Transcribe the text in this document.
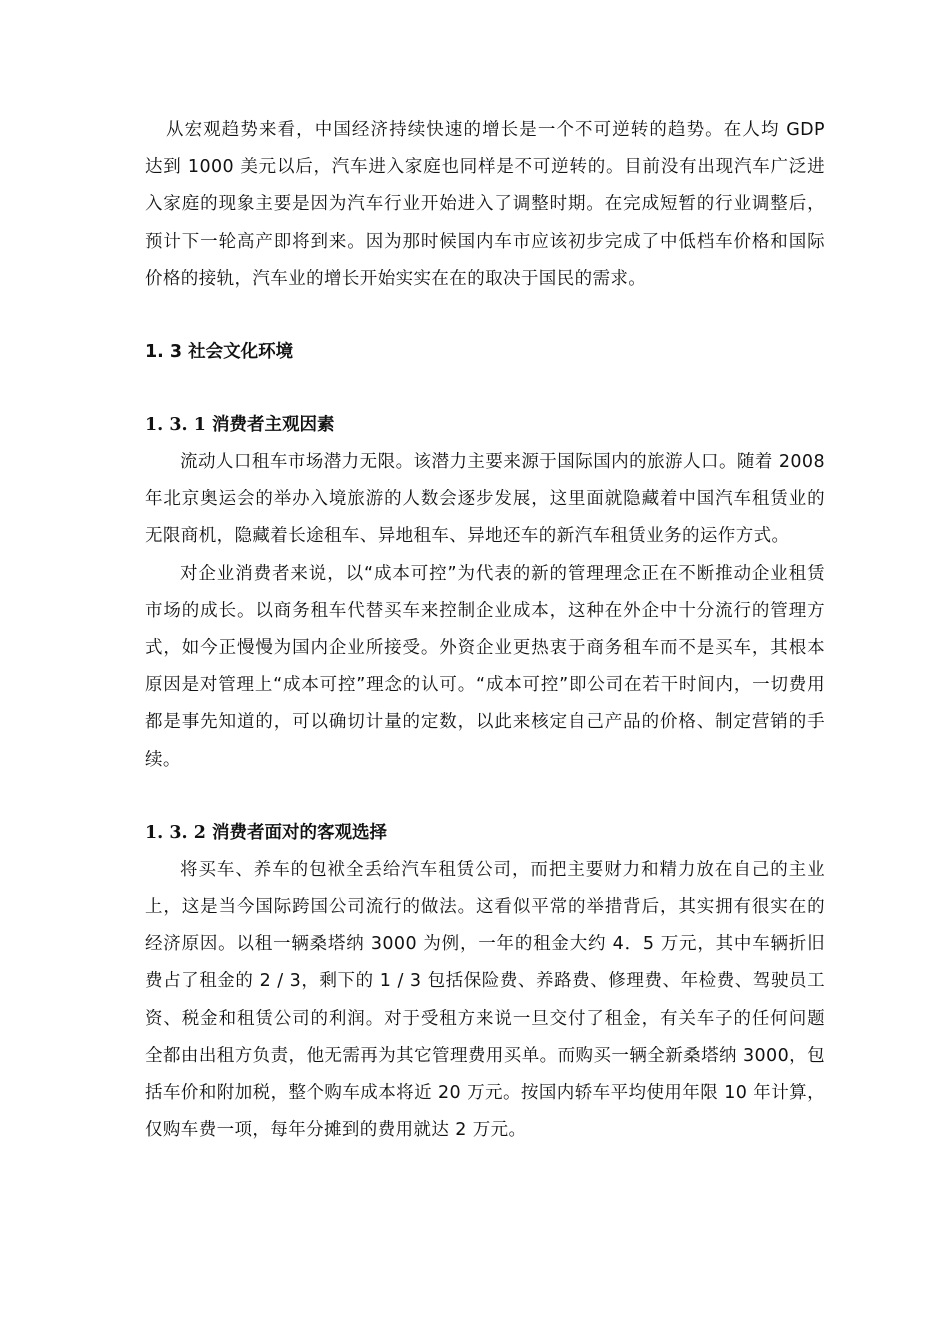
从宏观趋势来看，中国经济持续快速的增长是一个不可逆转的趋势。在人均 GDP 达到 1000 美元以后，汽车进入家庭也同样是不可逆转的。目前没有出现汽车广泛进入家庭的现象主要是因为汽车行业开始进入了调整时期。在完成短暂的行业调整后，预计下一轮高产即将到来。因为那时候国内车市应该初步完成了中低档车价格和国际价格的接轨，汽车业的增长开始实实在在的取决于国民的需求。

1. 3 社会文化环境
1. 3. 1 消费者主观因素

流动人口租车市场潜力无限。该潜力主要来源于国际国内的旅游人口。随着 2008 年北京奥运会的举办入境旅游的人数会逐步发展，这里面就隐藏着中国汽车租赁业的无限商机，隐藏着长途租车、异地租车、异地还车的新汽车租赁业务的运作方式。

对企业消费者来说，以“成本可控”为代表的新的管理理念正在不断推动企业租赁市场的成长。以商务租车代替买车来控制企业成本，这种在外企中十分流行的管理方式，如今正慢慢为国内企业所接受。外资企业更热衷于商务租车而不是买车，其根本原因是对管理上“成本可控”理念的认可。“成本可控”即公司在若干时间内，一切费用都是事先知道的，可以确切计量的定数，以此来核定自己产品的价格、制定营销的手续。

1. 3. 2 消费者面对的客观选择

将买车、养车的包袱全丢给汽车租赁公司，而把主要财力和精力放在自己的主业上，这是当今国际跨国公司流行的做法。这看似平常的举措背后，其实拥有很实在的经济原因。以租一辆桑塔纳 3000 为例，一年的租金大约 4．5 万元，其中车辆折旧费占了租金的 2 / 3，剩下的 1 / 3 包括保险费、养路费、修理费、年检费、驾驶员工资、税金和租赁公司的利润。对于受租方来说一旦交付了租金，有关车子的任何问题全都由出租方负责，他无需再为其它管理费用买单。而购买一辆全新桑塔纳 3000，包括车价和附加税，整个购车成本将近 20 万元。按国内轿车平均使用年限 10 年计算，仅购车费一项，每年分摊到的费用就达 2 万元。
